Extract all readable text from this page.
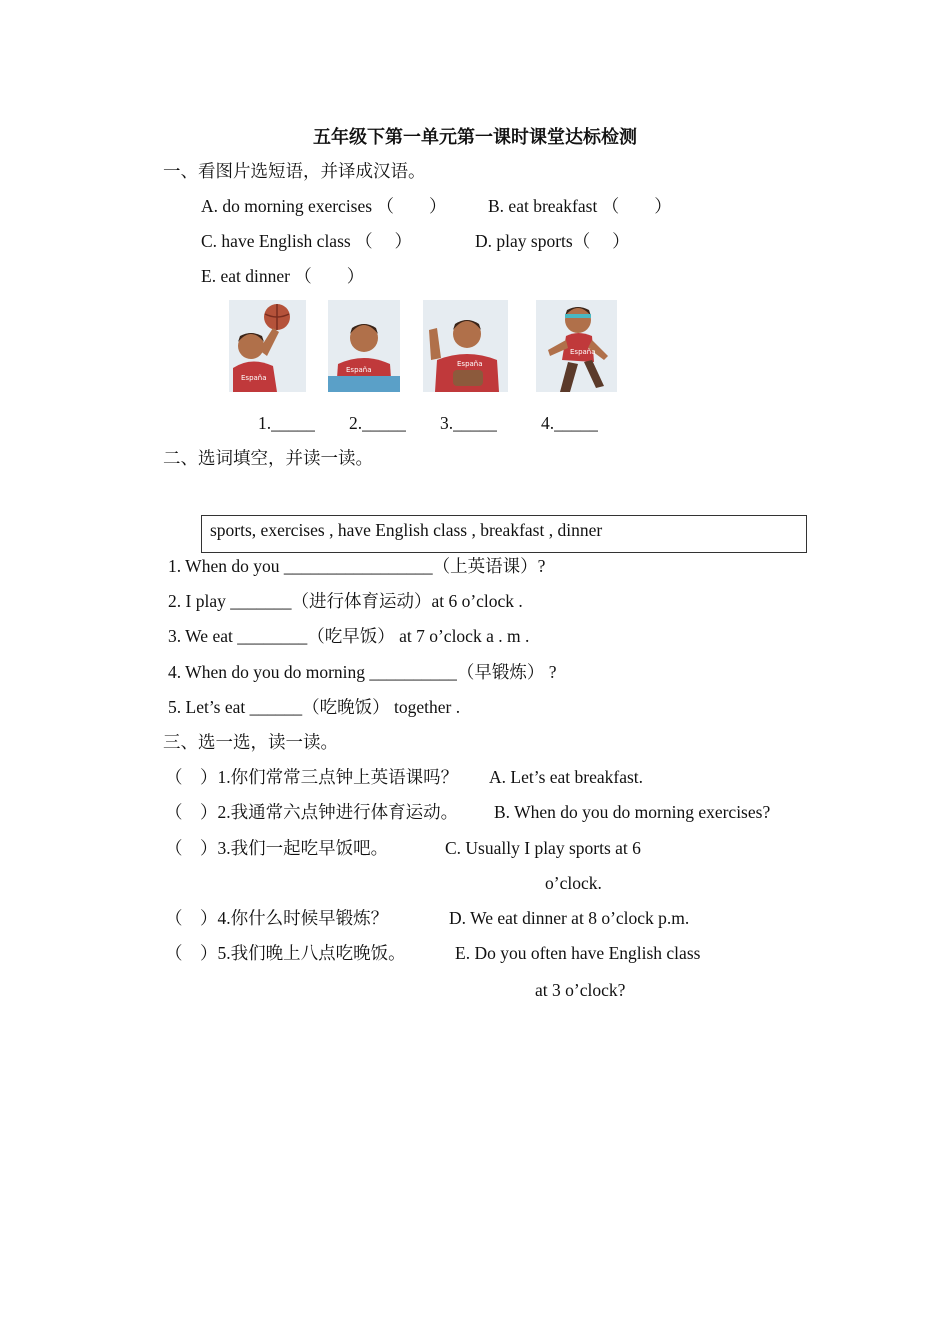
五年级下第一单元第一课时课堂达标检测
一、看图片选短语，并译成汉语。
A. do morning exercises （　　） B. eat breakfast （　　）
C. have English class （　 ）	D. play sports（　 ）
E. eat dinner （　　）
España
España
España
España
1._____ 2._____ 3._____	4._____
二、选词填空，并读一读。
sports, exercises , have English class , breakfast , dinner
1. When do you _________________（上英语课）?
2. I play _______（进行体育运动）at 6 o’clock .
3. We eat ________（吃早饭） at 7 o’clock a . m .
4. When do you do morning __________（早锻炼） ?
5. Let’s eat ______（吃晚饭） together .
三、选一选，读一读。
（　）1.你们常常三点钟上英语课吗？ A. Let’s eat breakfast.
（　）2.我通常六点钟进行体育运动。 B. When do you do morning exercises?
（　）3.我们一起吃早饭吧。	C. Usually I play sports at 6
o’clock.
（　）4.你什么时候早锻炼？	D. We eat dinner at 8 o’clock p.m.
（　）5.我们晚上八点吃晚饭。	E. Do you often have English class
at 3 o’clock?
